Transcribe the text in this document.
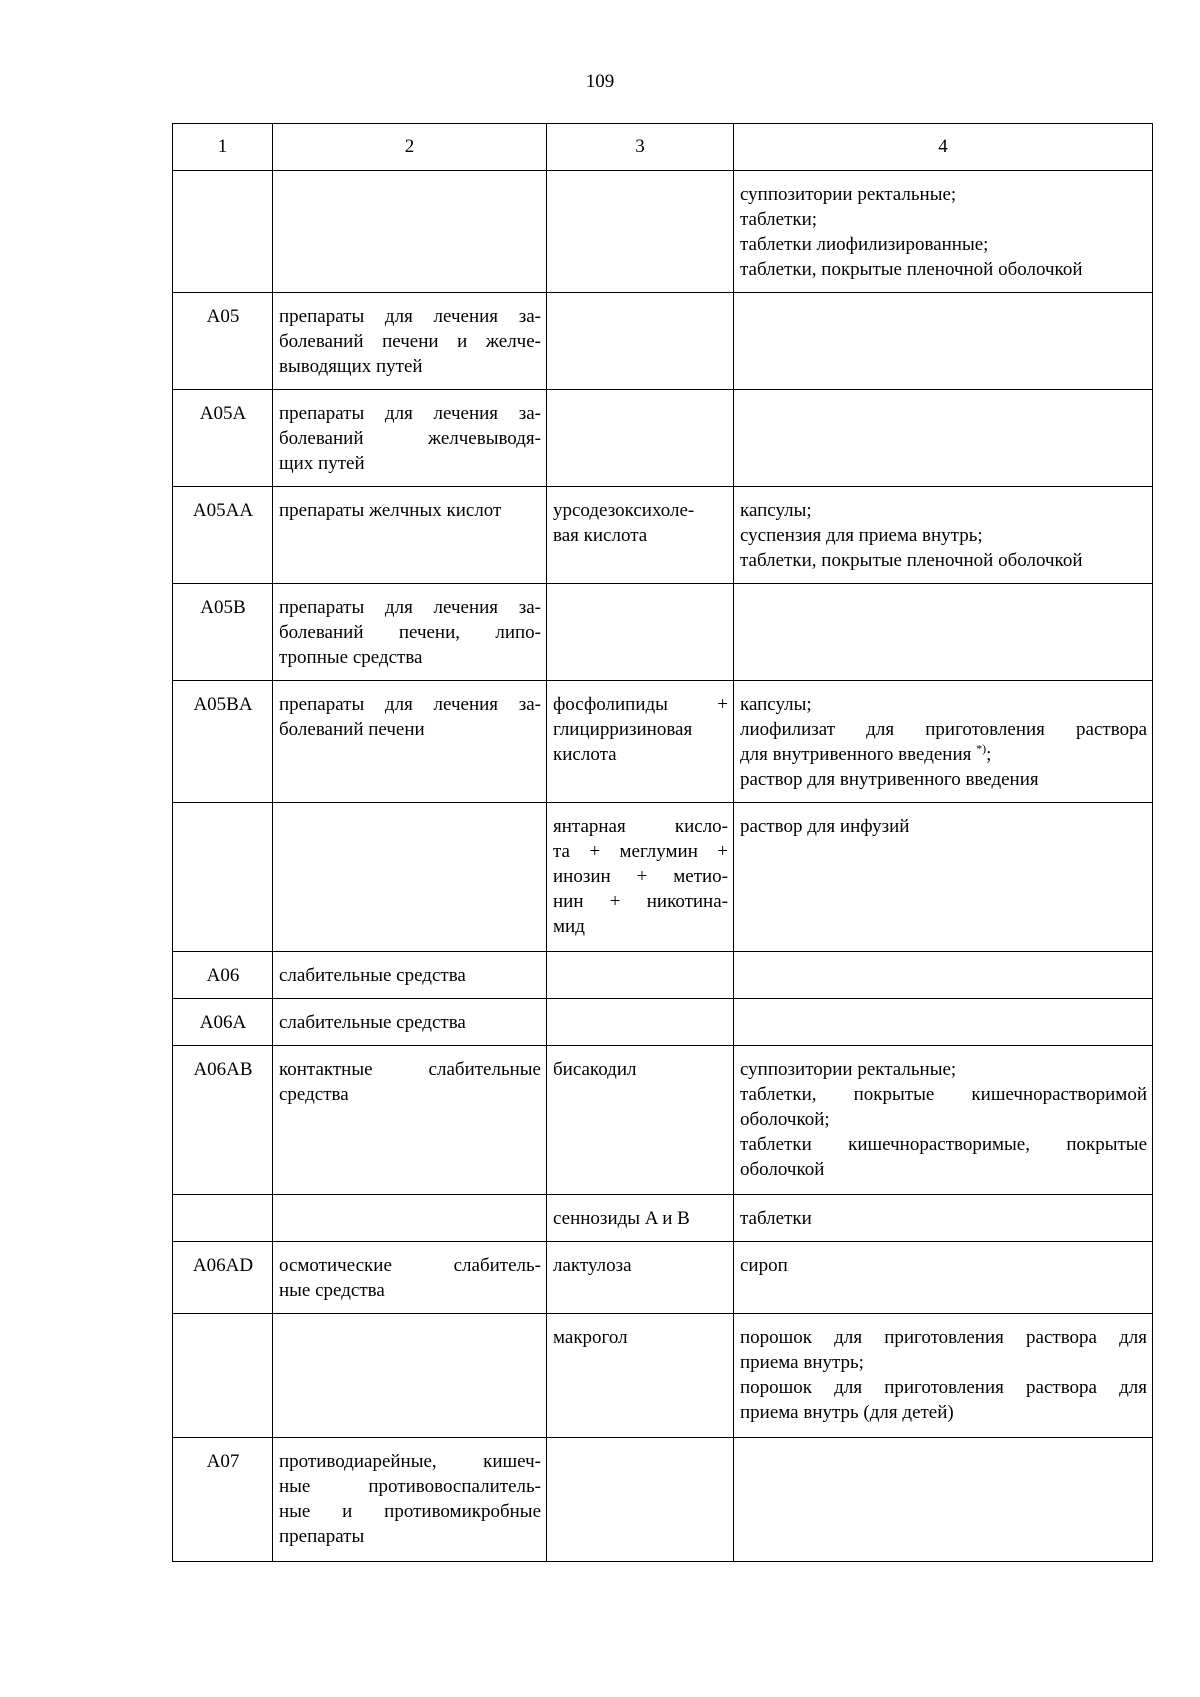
109
1	2	3	4

			суппозитории ректальные;
таблетки;
таблетки лиофилизированные;
таблетки, покрытые пленочной оболочкой

A05	препараты для лечения за-
болеваний печени и желче-
выводящих путей		

A05A	препараты для лечения за-
болеваний желчевыводя-
щих путей		

A05AA	препараты желчных кислот	урсодезоксихоле-
вая кислота	капсулы;
суспензия для приема внутрь;
таблетки, покрытые пленочной оболочкой

A05B	препараты для лечения за-
болеваний печени, липо-
тропные средства		

A05BA	препараты для лечения за-
болеваний печени	фосфолипиды +
глицирризиновая
кислота	капсулы;
лиофилизат для приготовления раствора
для внутривенного введения *);
раствор для внутривенного введения

		янтарная кисло-
та + меглумин +
инозин + метио-
нин + никотина-
мид	раствор для инфузий

A06	слабительные средства		

A06A	слабительные средства		

A06AB	контактные слабительные
средства	бисакодил	суппозитории ректальные;
таблетки, покрытые кишечнорастворимой
оболочкой;
таблетки кишечнорастворимые, покрытые
оболочкой

		сеннозиды A и B	таблетки

A06AD	осмотические слабитель-
ные средства	лактулоза	сироп

		макрогол	порошок для приготовления раствора для
приема внутрь;
порошок для приготовления раствора для
приема внутрь (для детей)

A07	противодиарейные, кишеч-
ные противовоспалитель-
ные и противомикробные
препараты		
